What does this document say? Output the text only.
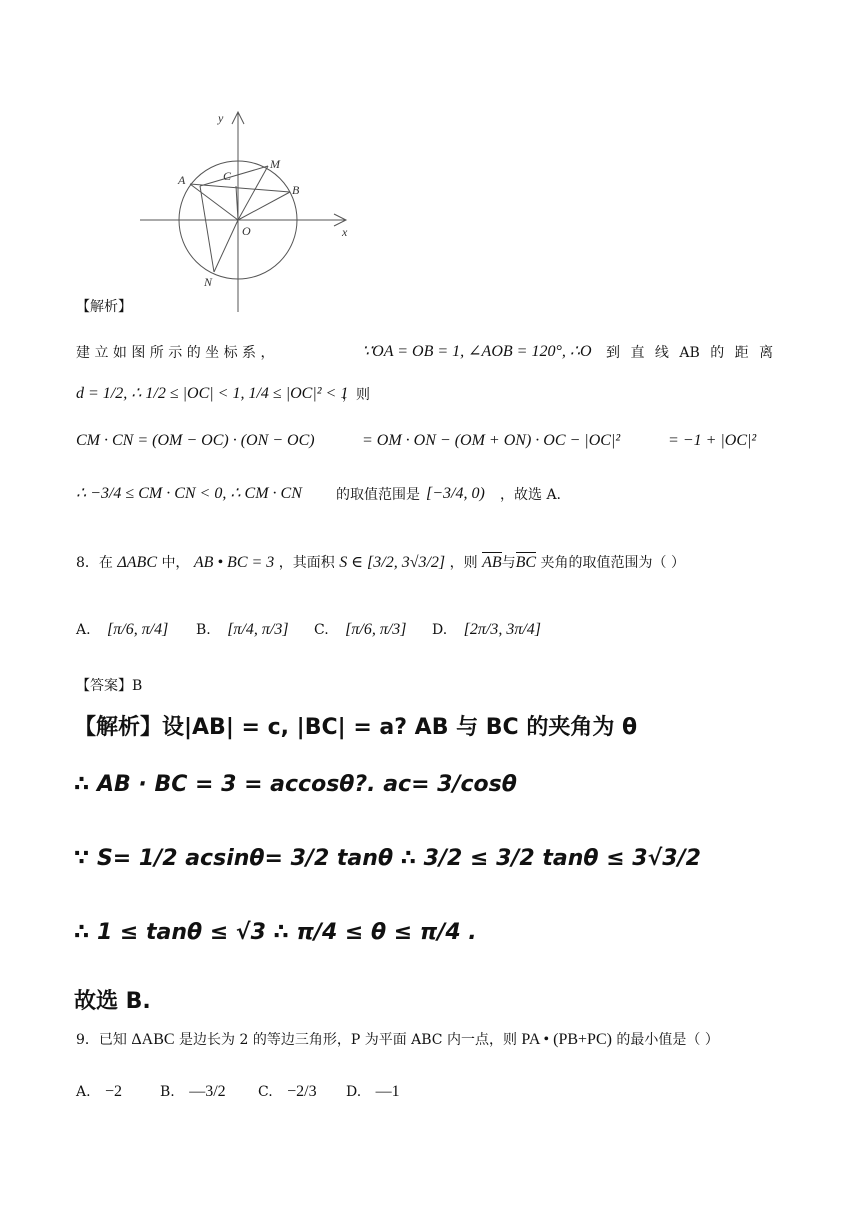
y
x
O
A
B
C
M
N
【解析】
建 立 如 图 所 示 的 坐 标 系 ，	∵OA = OB = 1, ∠AOB = 120°, ∴O 到 直 线 AB 的 距 离
d = 1/2, ∴ 1/2 ≤ |OC| < 1, 1/4 ≤ |OC|² < 1
，则
CM · CN = (OM − OC) · (ON − OC)	= OM · ON − (OM + ON) · OC − |OC|²	= −1 + |OC|²
∴ −3/4 ≤ CM · CN < 0, ∴ CM · CN 的取值范围是 [−3/4, 0) ，故选 A.
8．在 ΔABC 中， AB • BC = 3 ，其面积 S ∈ [3/2, 3√3/2] ，则 AB与BC 夹角的取值范围为（ ）
A. [π/6, π/4] B. [π/4, π/3] C. [π/6, π/3] D. [2π/3, 3π/4]
【答案】B
【解析】设|AB| = c, |BC| = a? AB 与 BC 的夹角为 θ
∴ AB · BC = 3 = accosθ?. ac= 3/cosθ
∵ S= 1/2 acsinθ= 3/2 tanθ ∴ 3/2 ≤ 3/2 tanθ ≤ 3√3/2
∴ 1 ≤ tanθ ≤ √3 ∴ π/4 ≤ θ ≤ π/4 .
故选 B.
9．已知 ΔABC 是边长为 2 的等边三角形，P 为平面 ABC 内一点，则 PA • (PB+PC) 的最小值是（ ）
A. −2	B. —3/2 C. −2/3 D. —1
